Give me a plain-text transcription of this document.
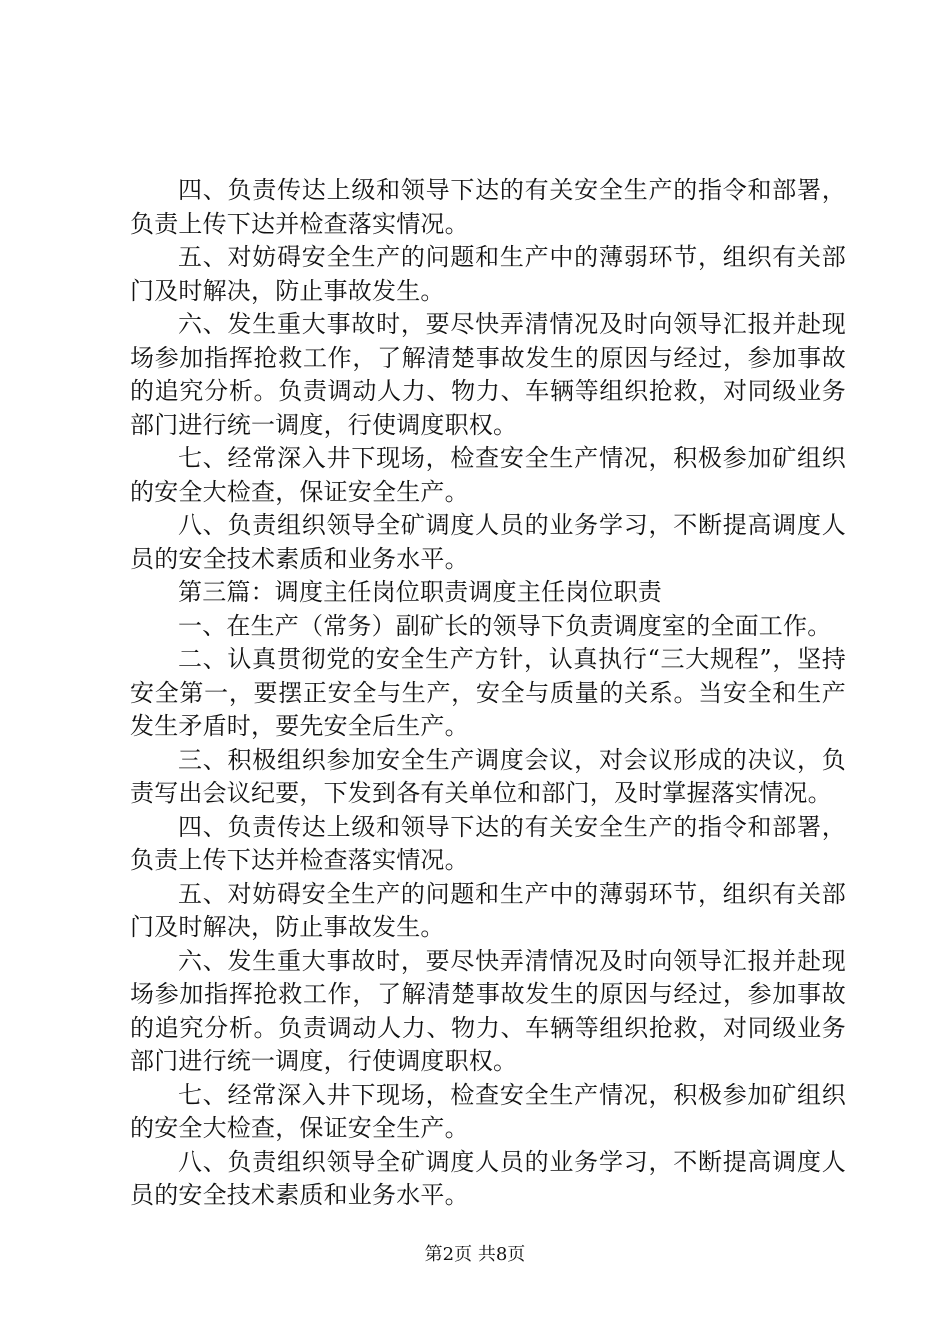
四、负责传达上级和领导下达的有关安全生产的指令和部署，负责上传下达并检查落实情况。

五、对妨碍安全生产的问题和生产中的薄弱环节，组织有关部门及时解决，防止事故发生。

六、发生重大事故时，要尽快弄清情况及时向领导汇报并赴现场参加指挥抢救工作，了解清楚事故发生的原因与经过，参加事故的追究分析。负责调动人力、物力、车辆等组织抢救，对同级业务部门进行统一调度，行使调度职权。

七、经常深入井下现场，检查安全生产情况，积极参加矿组织的安全大检查，保证安全生产。

八、负责组织领导全矿调度人员的业务学习，不断提高调度人员的安全技术素质和业务水平。

第三篇：调度主任岗位职责调度主任岗位职责

一、在生产（常务）副矿长的领导下负责调度室的全面工作。

二、认真贯彻党的安全生产方针，认真执行“三大规程”，坚持安全第一，要摆正安全与生产，安全与质量的关系。当安全和生产发生矛盾时，要先安全后生产。

三、积极组织参加安全生产调度会议，对会议形成的决议，负责写出会议纪要，下发到各有关单位和部门，及时掌握落实情况。

四、负责传达上级和领导下达的有关安全生产的指令和部署，负责上传下达并检查落实情况。

五、对妨碍安全生产的问题和生产中的薄弱环节，组织有关部门及时解决，防止事故发生。

六、发生重大事故时，要尽快弄清情况及时向领导汇报并赴现场参加指挥抢救工作，了解清楚事故发生的原因与经过，参加事故的追究分析。负责调动人力、物力、车辆等组织抢救，对同级业务部门进行统一调度，行使调度职权。

七、经常深入井下现场，检查安全生产情况，积极参加矿组织的安全大检查，保证安全生产。

八、负责组织领导全矿调度人员的业务学习，不断提高调度人员的安全技术素质和业务水平。

第2页 共8页
